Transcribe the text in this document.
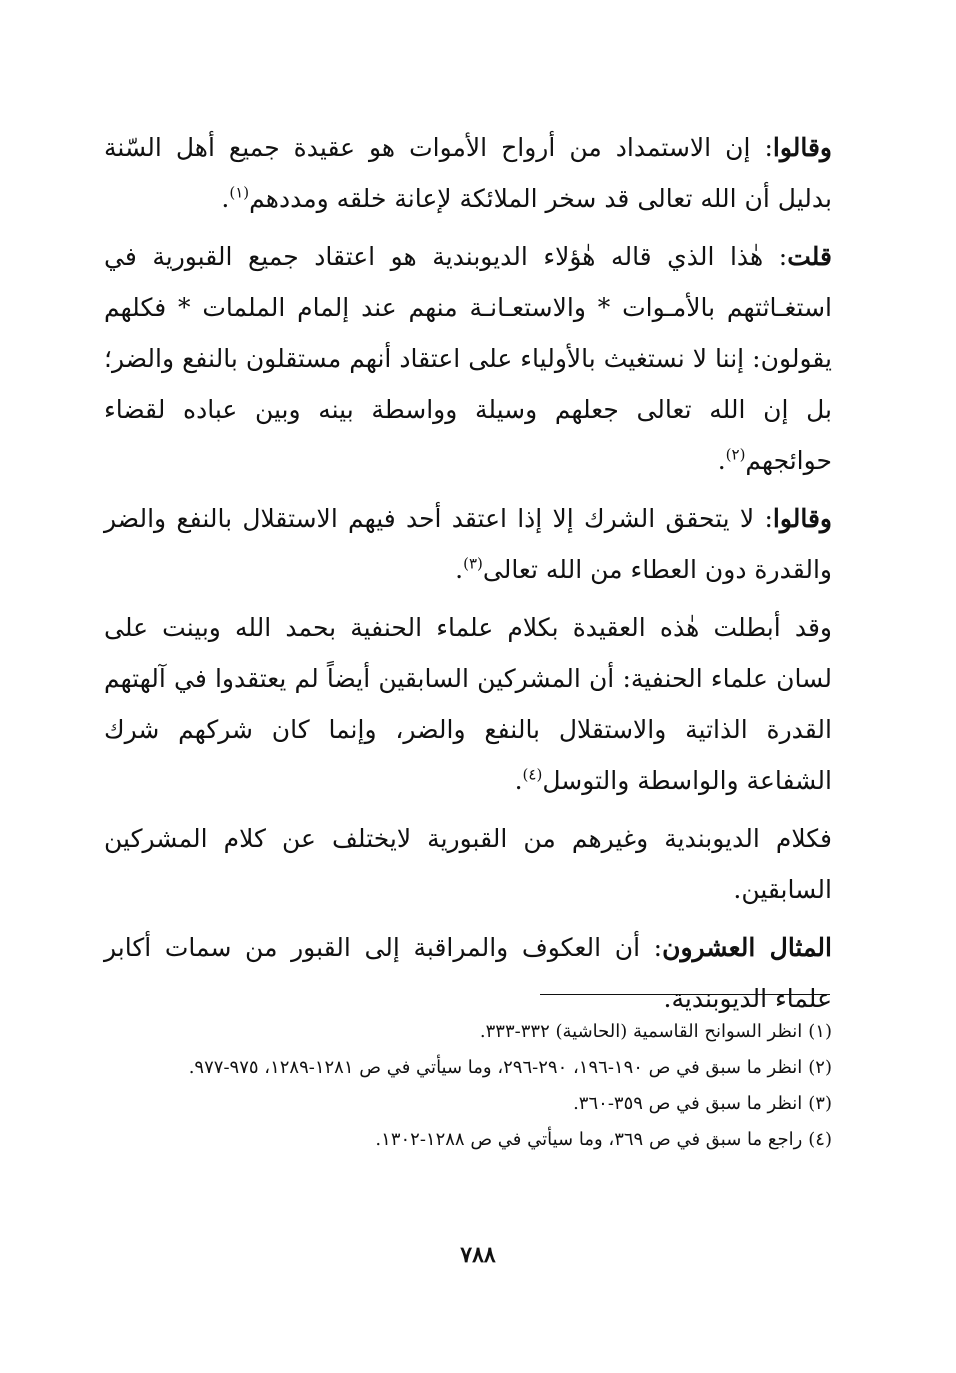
وقالوا: إن الاستمداد من أرواح الأموات هو عقيدة جميع أهل السّنة بدليل أن الله تعالى قد سخر الملائكة لإعانة خلقه ومددهم$^{(١)}$.

قلت: هٰذا الذي قاله هٰؤلاء الديوبندية هو اعتقاد جميع القبورية في استغـاثتهم بالأمـوات * والاستعـانـة منهم عند إلمام الملمات * فكلهم يقولون: إننا لا نستغيث بالأولياء على اعتقاد أنهم مستقلون بالنفع والضر؛ بل إن الله تعالى جعلهم وسيلة وواسطة بينه وبين عباده لقضاء حوائجهم$^{(٢)}$.

وقالوا: لا يتحقق الشرك إلا إذا اعتقد أحد فيهم الاستقلال بالنفع والضر والقدرة دون العطاء من الله تعالى$^{(٣)}$.

وقد أبطلت هٰذه العقيدة بكلام علماء الحنفية بحمد الله وبينت على لسان علماء الحنفية: أن المشركين السابقين أيضاً لم يعتقدوا في آلهتهم القدرة الذاتية والاستقلال بالنفع والضر، وإنما كان شركهم شرك الشفاعة والواسطة والتوسل$^{(٤)}$.

فكلام الديوبندية وغيرهم من القبورية لايختلف عن كلام المشركين السابقين.

المثال العشرون: أن العكوف والمراقبة إلى القبور من سمات أكابر علماء الديوبندية.

(١)انظر السوانح القاسمية (الحاشية) ٣٣٢-٣٣٣.

(٢)انظر ما سبق في ص ١٩٠-١٩٦، ٢٩٠-٢٩٦، وما سيأتي في ص ١٢٨١-١٢٨٩، ٩٧٥-٩٧٧.

(٣)انظر ما سبق في ص ٣٥٩-٣٦٠.

(٤)راجع ما سبق في ص ٣٦٩، وما سيأتي في ص ١٢٨٨-١٣٠٢.

٧٨٨
